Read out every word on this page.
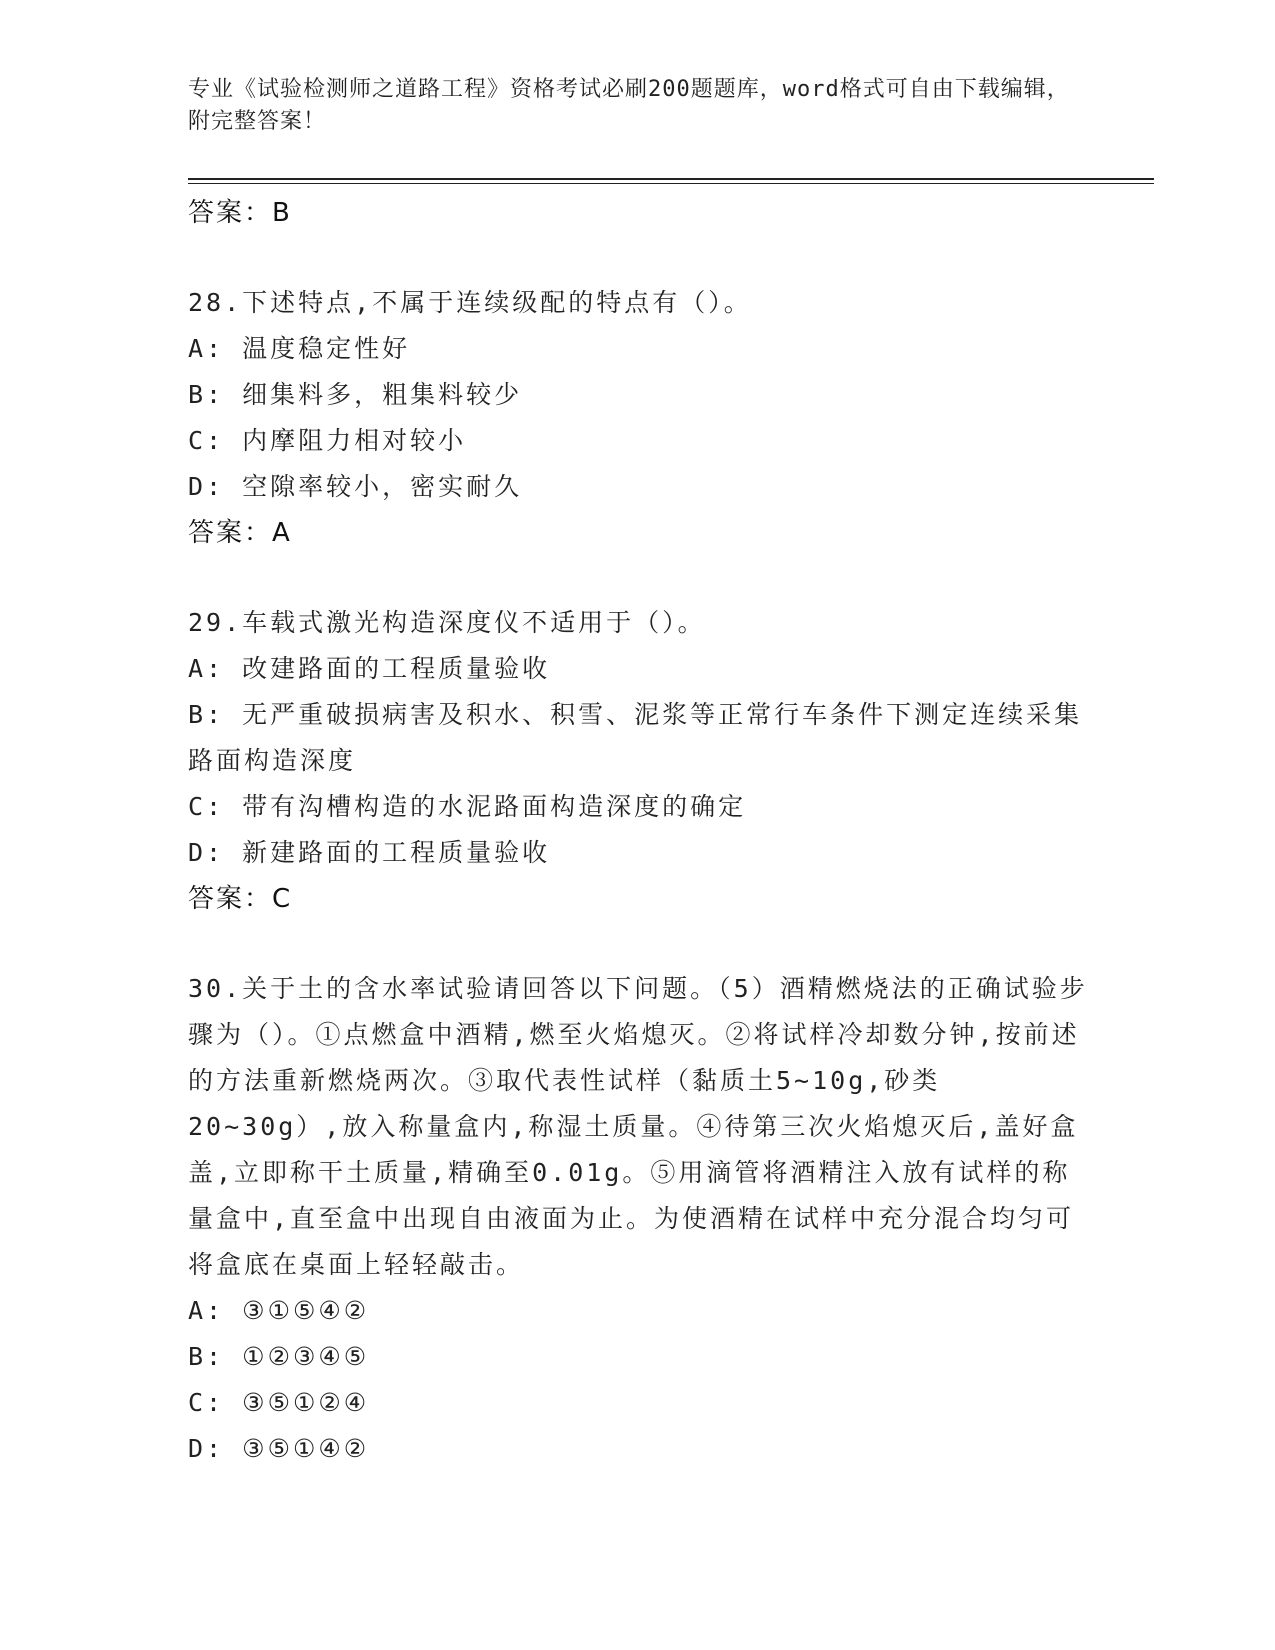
专业《试验检测师之道路工程》资格考试必刷200题题库，word格式可自由下载编辑，附完整答案！
答案：B
28.下述特点,不属于连续级配的特点有（）。
A: 温度稳定性好
B: 细集料多，粗集料较少
C: 内摩阻力相对较小
D: 空隙率较小，密实耐久
答案：A
29.车载式激光构造深度仪不适用于（）。
A: 改建路面的工程质量验收
B: 无严重破损病害及积水、积雪、泥浆等正常行车条件下测定连续采集路面构造深度
C: 带有沟槽构造的水泥路面构造深度的确定
D: 新建路面的工程质量验收
答案：C
30.关于土的含水率试验请回答以下问题。（5）酒精燃烧法的正确试验步骤为（）。①点燃盒中酒精,燃至火焰熄灭。②将试样冷却数分钟,按前述的方法重新燃烧两次。③取代表性试样（黏质土5~10g,砂类20~30g）,放入称量盒内,称湿土质量。④待第三次火焰熄灭后,盖好盒盖,立即称干土质量,精确至0.01g。⑤用滴管将酒精注入放有试样的称量盒中,直至盒中出现自由液面为止。为使酒精在试样中充分混合均匀可将盒底在桌面上轻轻敲击。
A: ③①⑤④②
B: ①②③④⑤
C: ③⑤①②④
D: ③⑤①④②
